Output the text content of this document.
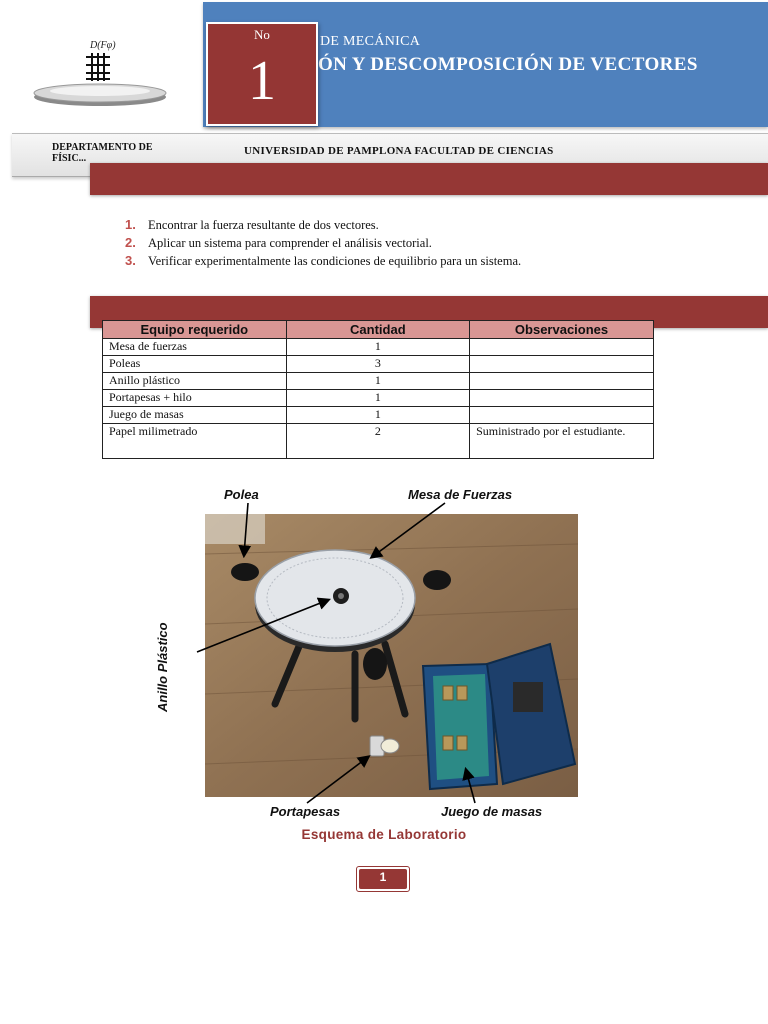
D(Fφ)	DE MECÁNICA
ÓN Y DESCOMPOSICIÓN DE VECTORES
No
1
DEPARTAMENTO DE FÍSIC...
UNIVERSIDAD DE PAMPLONA FACULTAD DE CIENCIAS
1. Encontrar la fuerza resultante de dos vectores.
2. Aplicar un sistema para comprender el análisis vectorial.
3. Verificar experimentalmente las condiciones de equilibrio para un sistema.
Equipo requerido	Cantidad	Observaciones
Mesa de fuerzas	1	
Poleas	3	
Anillo plástico	1	
Portapesas + hilo	1	
Juego de masas	1	
Papel milimetrado	2	Suministrado por el estudiante.
Polea	Mesa de Fuerzas
Anillo Plástico
Portapesas	Juego de masas
Esquema de Laboratorio
1
